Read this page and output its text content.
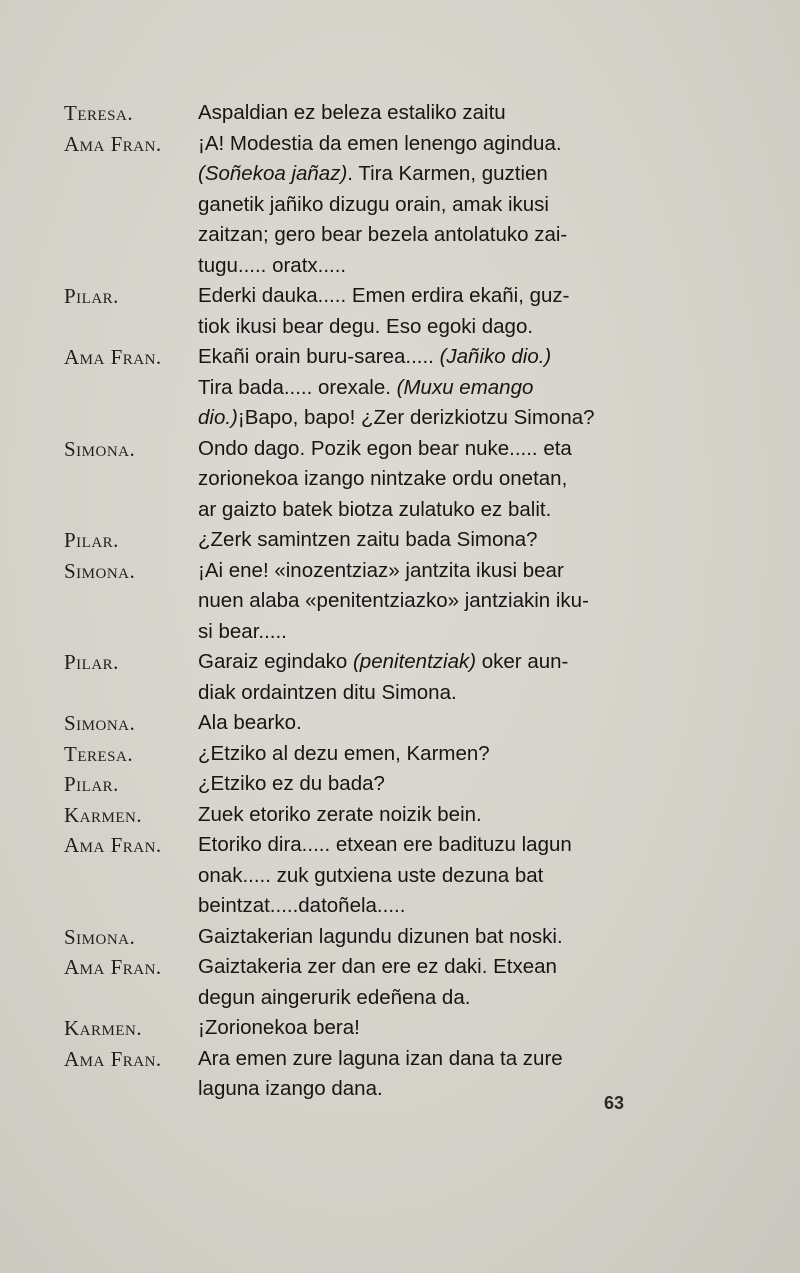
Teresa.	Aspaldian ez beleza estaliko zaitu
Ama Fran.	¡A! Modestia da emen lenengo agindua.
(Soñekoa jañaz). Tira Karmen, guztien
ganetik jañiko dizugu orain, amak ikusi
zaitzan; gero bear bezela antolatuko zai-
tugu..... oratx.....
Pilar.	Ederki dauka..... Emen erdira ekañi, guz-
tiok ikusi bear degu. Eso egoki dago.
Ama Fran.	Ekañi orain buru-sarea..... (Jañiko dio.)
Tira bada..... orexale. (Muxu emango
dio.)¡Bapo, bapo! ¿Zer derizkiotzu Simona?
Simona.	Ondo dago. Pozik egon bear nuke..... eta
zorionekoa izango nintzake ordu onetan,
ar gaizto batek biotza zulatuko ez balit.
Pilar.	¿Zerk samintzen zaitu bada Simona?
Simona.	¡Ai ene! «inozentziaz» jantzita ikusi bear
nuen alaba «penitentziazko» jantziakin iku-
si bear.....
Pilar.	Garaiz egindako (penitentziak) oker aun-
diak ordaintzen ditu Simona.
Simona.	Ala bearko.
Teresa.	¿Etziko al dezu emen, Karmen?
Pilar.	¿Etziko ez du bada?
Karmen.	Zuek etoriko zerate noizik bein.
Ama Fran.	Etoriko dira..... etxean ere badituzu lagun
onak..... zuk gutxiena uste dezuna bat
beintzat.....datoñela.....
Simona.	Gaiztakerian lagundu dizunen bat noski.
Ama Fran.	Gaiztakeria zer dan ere ez daki. Etxean
degun aingerurik edeñena da.
Karmen.	¡Zorionekoa bera!
Ama Fran.	Ara emen zure laguna izan dana ta zure
laguna izango dana.
63
